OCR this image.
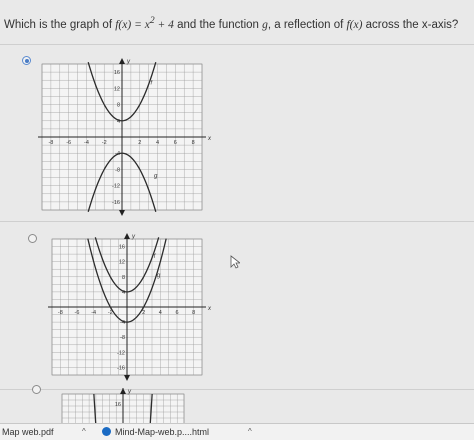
Which is the graph of $f(x) = x^2 + 4$ and the function g, a reflection of f(x) across the x-axis?
y
x
-8 -6 -4 -2	2	4	6	8
16
12
8
4
-4
-8
-12
-16
f
g
y
x
-8 -6 -4 -2	2 4 6 8
16
12
8
4
-4
-8
-12
-16
f
g
y
16
Map web.pdf	^	Mind-Map-web.p....html	^
